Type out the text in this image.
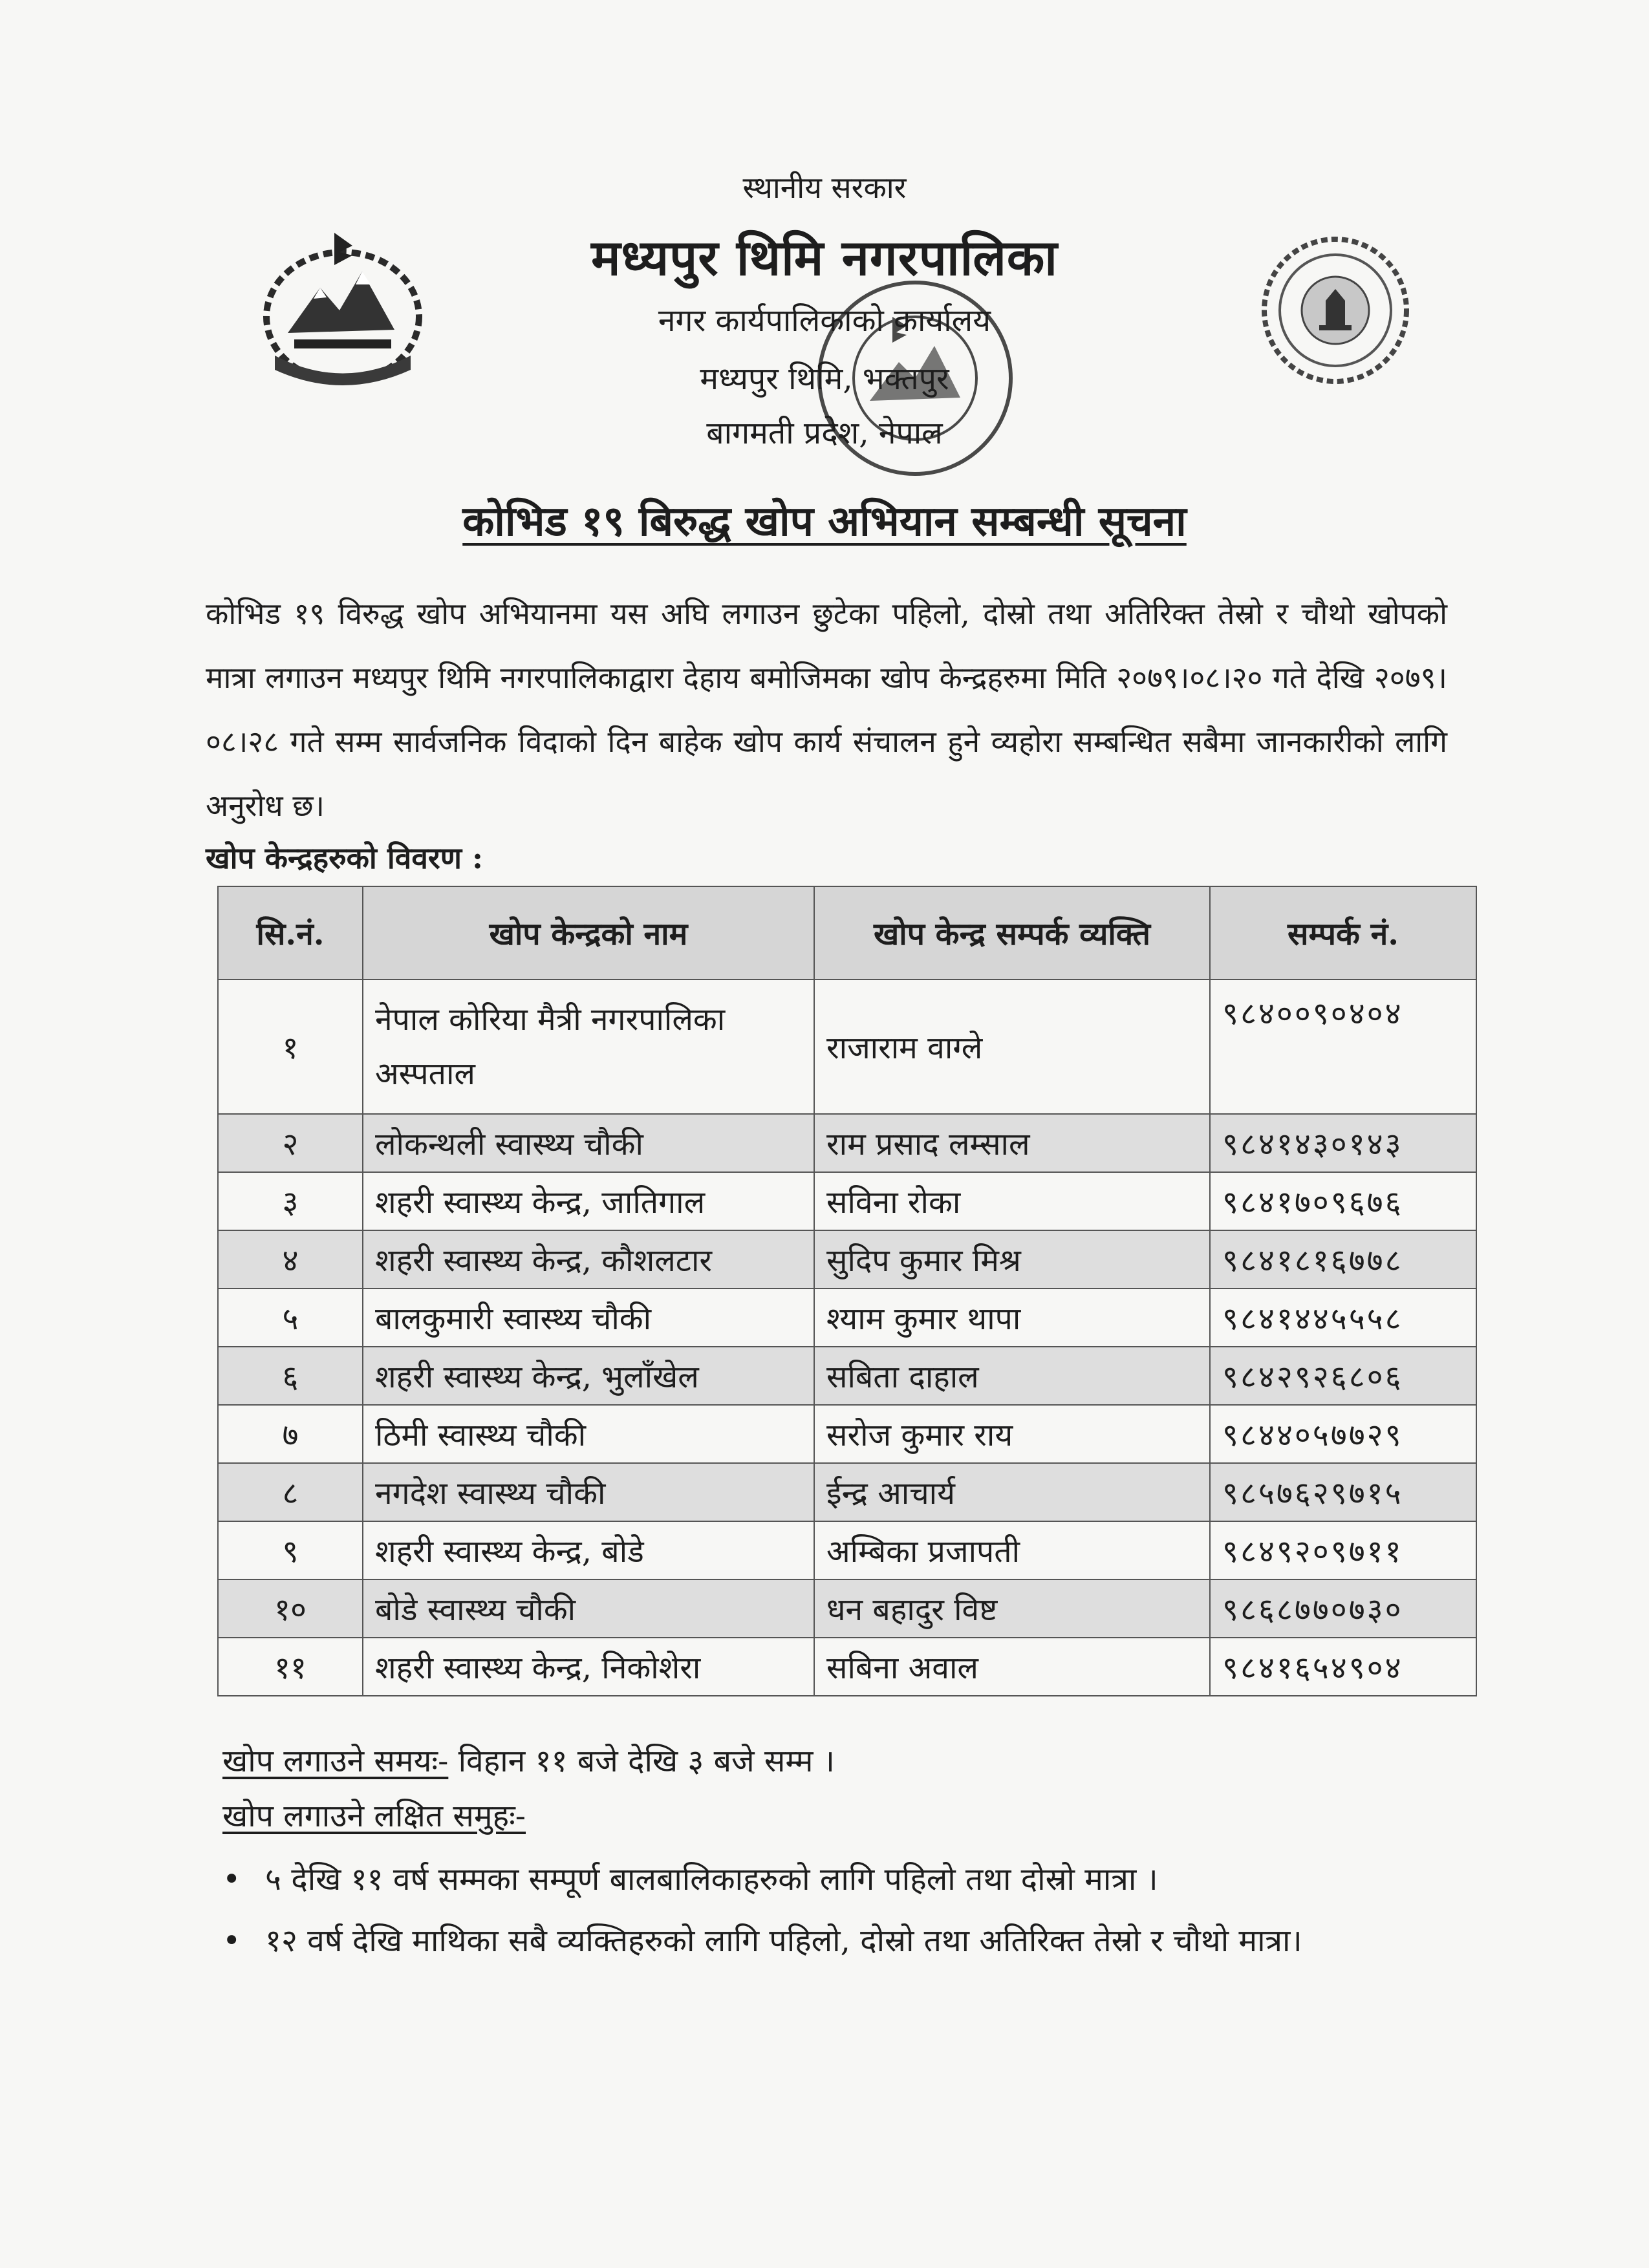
स्थानीय सरकार
मध्यपुर थिमि नगरपालिका
नगर कार्यपालिकाको कार्यालय
मध्यपुर थिमि, भक्तपुर
बागमती प्रदेश, नेपाल
कोभिड १९ बिरुद्ध खोप अभियान सम्बन्धी सूचना

कोभिड १९ विरुद्ध खोप अभियानमा यस अघि लगाउन छुटेका पहिलो, दोस्रो तथा अतिरिक्त तेस्रो र चौथो खोपको मात्रा लगाउन मध्यपुर थिमि नगरपालिकाद्वारा देहाय बमोजिमका खोप केन्द्रहरुमा मिति २०७९।०८।२० गते देखि २०७९।०८।२८ गते सम्म सार्वजनिक विदाको दिन बाहेक खोप कार्य संचालन हुने व्यहोरा सम्बन्धित सबैमा जानकारीको लागि अनुरोध छ।

खोप केन्द्रहरुको विवरण :
सि.नं.	खोप केन्द्रको नाम	खोप केन्द्र सम्पर्क व्यक्ति	सम्पर्क नं.
१	नेपाल कोरिया मैत्री नगरपालिका अस्पताल	राजाराम वाग्ले	९८४००९०४०४
२	लोकन्थली स्वास्थ्य चौकी	राम प्रसाद लम्साल	९८४१४३०१४३
३	शहरी स्वास्थ्य केन्द्र, जातिगाल	सविना रोका	९८४१७०९६७६
४	शहरी स्वास्थ्य केन्द्र, कौशलटार	सुदिप कुमार मिश्र	९८४१८१६७७८
५	बालकुमारी स्वास्थ्य चौकी	श्याम कुमार थापा	९८४१४४५५५८
६	शहरी स्वास्थ्य केन्द्र, भुलाँखेल	सबिता दाहाल	९८४२९२६८०६
७	ठिमी स्वास्थ्य चौकी	सरोज कुमार राय	९८४४०५७७२९
८	नगदेश स्वास्थ्य चौकी	ईन्द्र आचार्य	९८५७६२९७१५
९	शहरी स्वास्थ्य केन्द्र, बोडे	अम्बिका प्रजापती	९८४९२०९७११
१०	बोडे स्वास्थ्य चौकी	धन बहादुर विष्ट	९८६८७७०७३०
११	शहरी स्वास्थ्य केन्द्र, निकोशेरा	सबिना अवाल	९८४१६५४९०४
खोप लगाउने समयः- विहान ११ बजे देखि ३ बजे सम्म ।
खोप लगाउने लक्षित समुहः-
• ५ देखि ११ वर्ष सम्मका सम्पूर्ण बालबालिकाहरुको लागि पहिलो तथा दोस्रो मात्रा ।
• १२ वर्ष देखि माथिका सबै व्यक्तिहरुको लागि पहिलो, दोस्रो तथा अतिरिक्त तेस्रो र चौथो मात्रा।
